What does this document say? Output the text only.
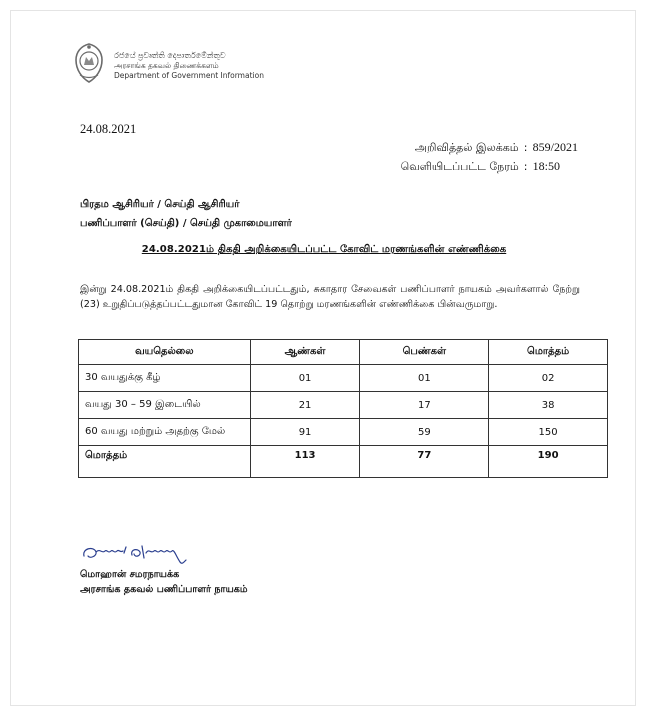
රජයේ ප්‍රවෘත්ති දෙපාර්තමේන්තුව
அரசாங்க தகவல் திணைக்களம்
Department of Government Information
24.08.2021
அறிவித்தல் இலக்கம் : 859/2021
வெளியிடப்பட்ட நேரம் : 18:50
பிரதம ஆசிரியர் / செய்தி ஆசிரியர்
பணிப்பாளர் (செய்தி) / செய்தி முகாமையாளர்
24.08.2021ம் திகதி அறிக்கையிடப்பட்ட கோவிட் மரணங்களின் எண்ணிக்கை
இன்று 24.08.2021ம் திகதி அறிக்கையிடப்பட்டதும், சுகாதார சேவைகள் பணிப்பாளர் நாயகம் அவர்களால் நேற்று (23) உறுதிப்படுத்தப்பட்டதுமான கோவிட் 19 தொற்று மரணங்களின் எண்ணிக்கை பின்வருமாறு.
வயதெல்லை	ஆண்கள்	பெண்கள்	மொத்தம்
30 வயதுக்கு கீழ்	01	01	02
வயது 30 – 59 இடையில்	21	17	38
60 வயது மற்றும் அதற்கு மேல்	91	59	150
மொத்தம்	113	77	190
மொஹான் சமரநாயக்க
அரசாங்க தகவல் பணிப்பாளர் நாயகம்
